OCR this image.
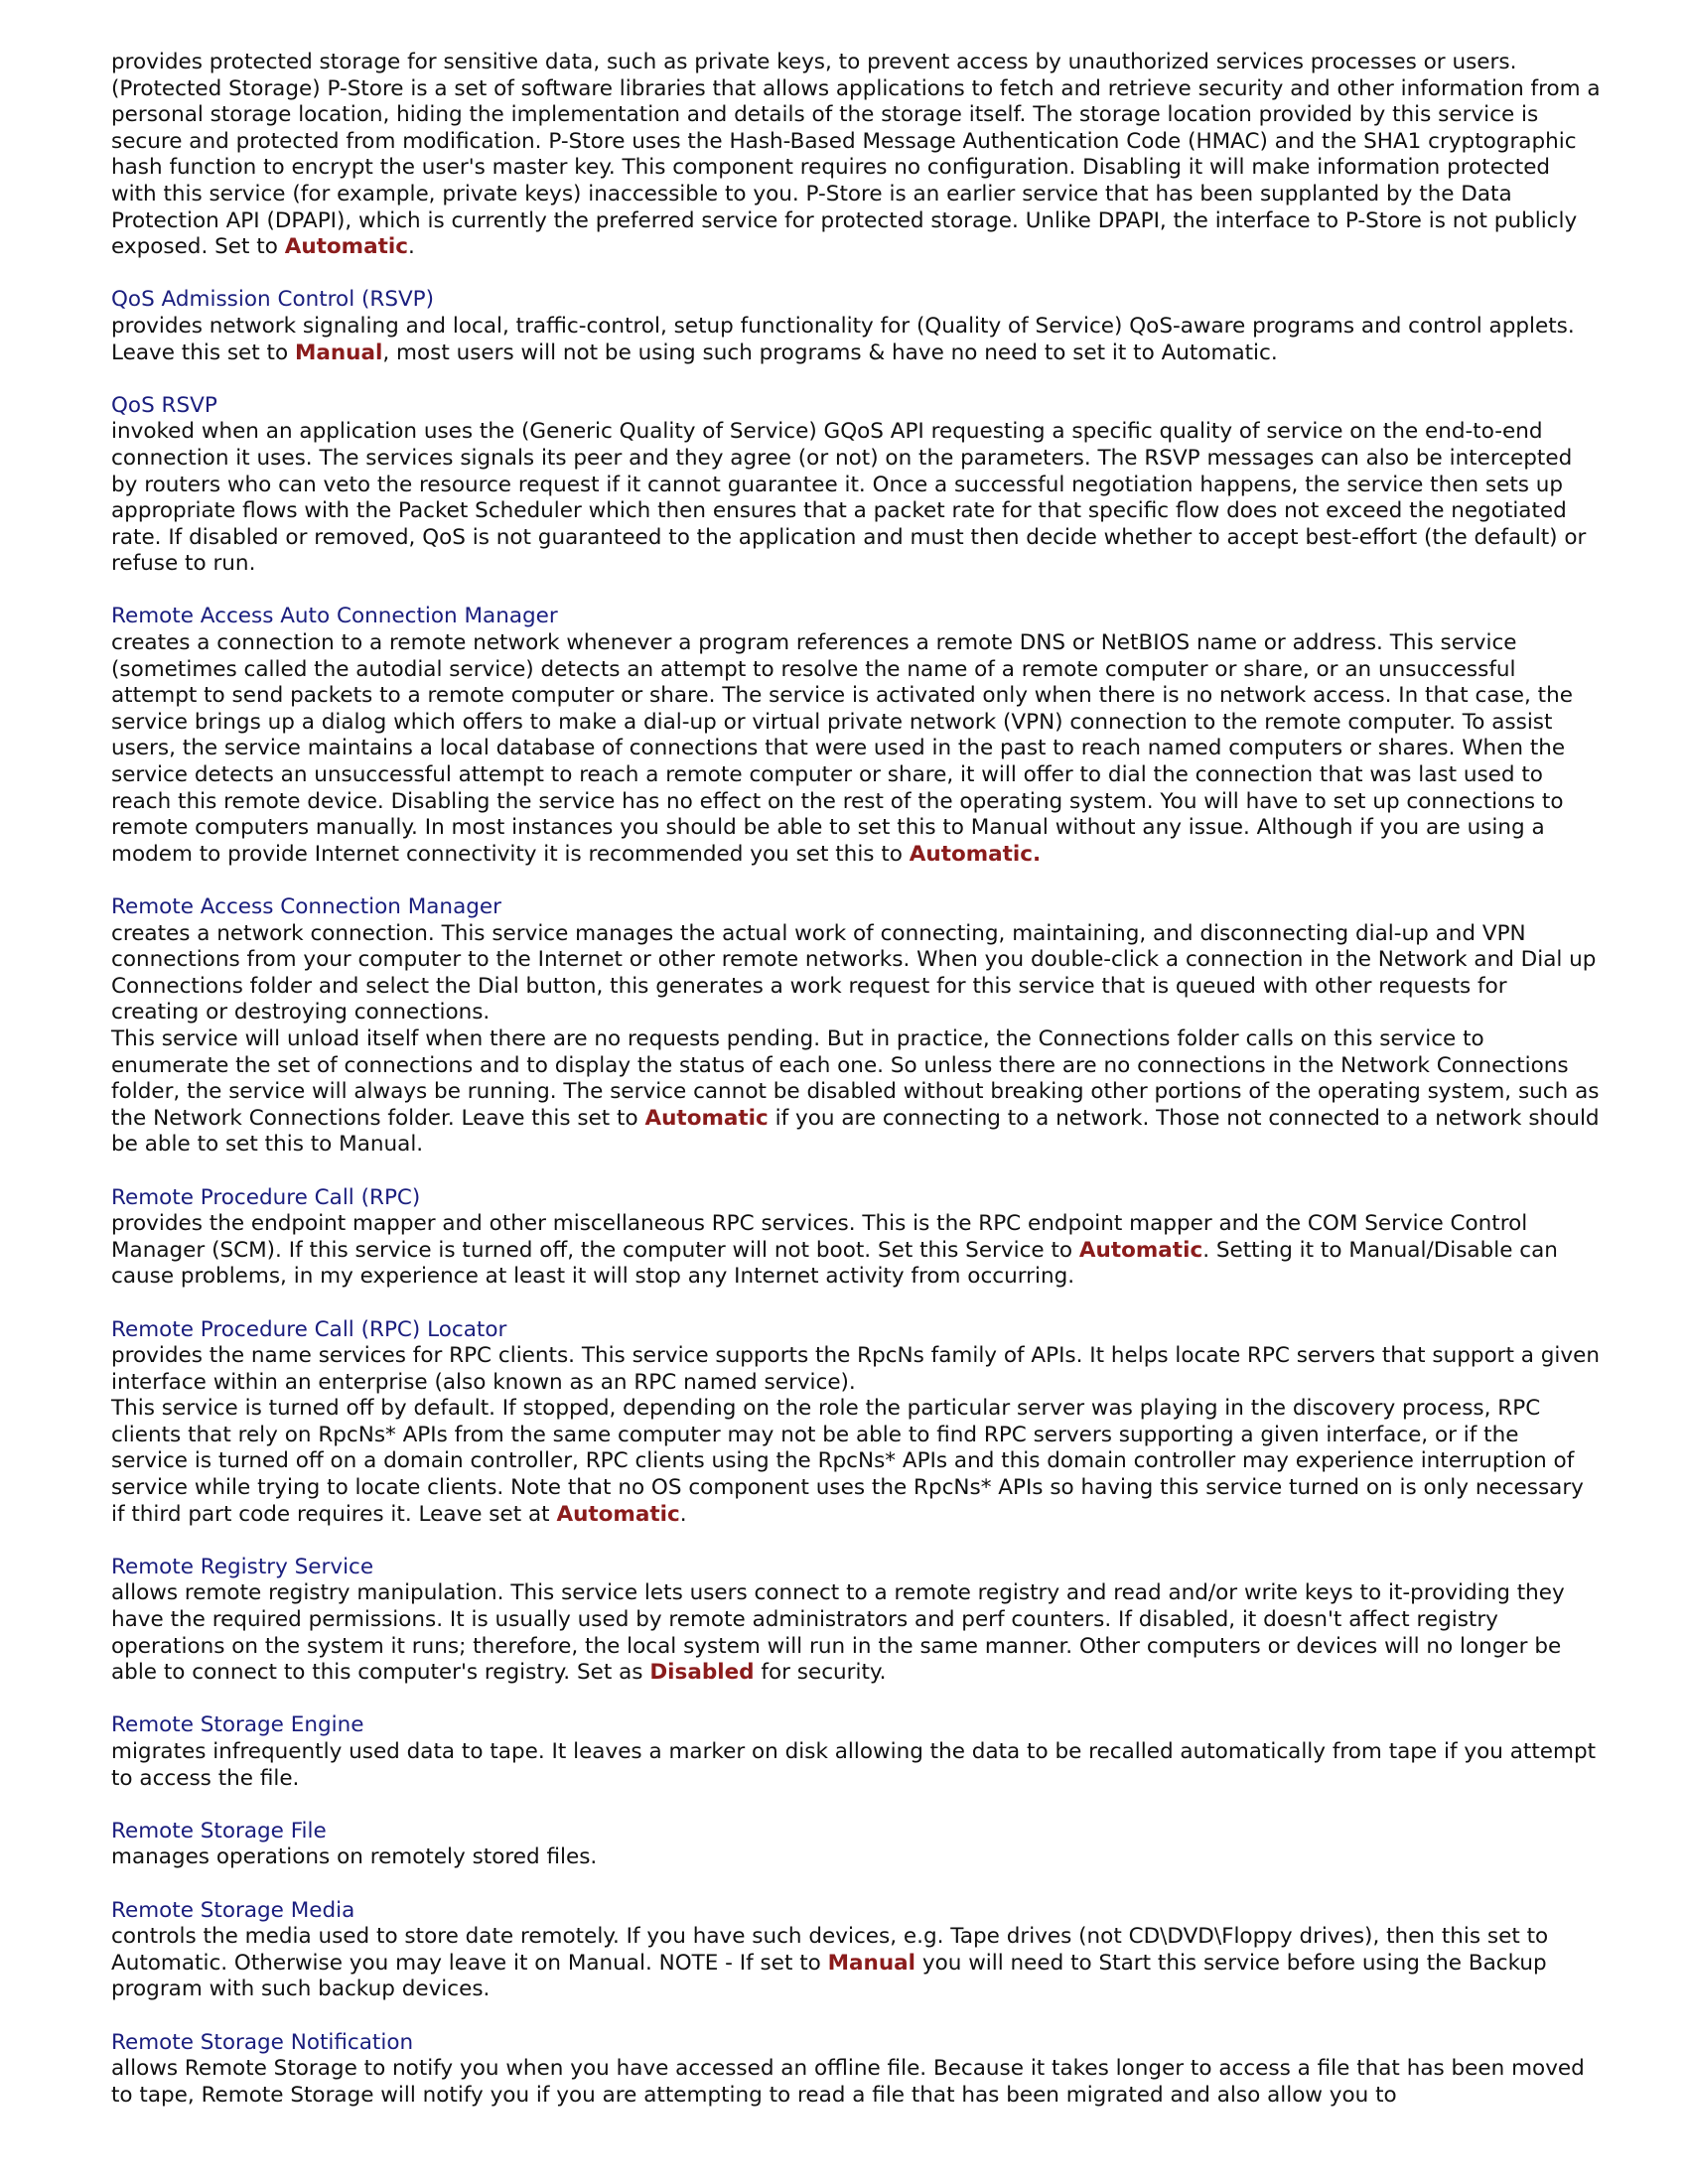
provides protected storage for sensitive data, such as private keys, to prevent access by unauthorized services processes or users. (Protected Storage) P-Store is a set of software libraries that allows applications to fetch and retrieve security and other information from a personal storage location, hiding the implementation and details of the storage itself. The storage location provided by this service is secure and protected from modification. P-Store uses the Hash-Based Message Authentication Code (HMAC) and the SHA1 cryptographic hash function to encrypt the user's master key. This component requires no configuration. Disabling it will make information protected with this service (for example, private keys) inaccessible to you. P-Store is an earlier service that has been supplanted by the Data Protection API (DPAPI), which is currently the preferred service for protected storage. Unlike DPAPI, the interface to P-Store is not publicly exposed. Set to Automatic.

QoS Admission Control (RSVP)

provides network signaling and local, traffic-control, setup functionality for (Quality of Service) QoS-aware programs and control applets. Leave this set to Manual, most users will not be using such programs & have no need to set it to Automatic.

QoS RSVP

invoked when an application uses the (Generic Quality of Service) GQoS API requesting a specific quality of service on the end-to-end connection it uses. The services signals its peer and they agree (or not) on the parameters. The RSVP messages can also be intercepted by routers who can veto the resource request if it cannot guarantee it. Once a successful negotiation happens, the service then sets up appropriate flows with the Packet Scheduler which then ensures that a packet rate for that specific flow does not exceed the negotiated rate. If disabled or removed, QoS is not guaranteed to the application and must then decide whether to accept best-effort (the default) or refuse to run.

Remote Access Auto Connection Manager

creates a connection to a remote network whenever a program references a remote DNS or NetBIOS name or address. This service (sometimes called the autodial service) detects an attempt to resolve the name of a remote computer or share, or an unsuccessful attempt to send packets to a remote computer or share. The service is activated only when there is no network access. In that case, the service brings up a dialog which offers to make a dial-up or virtual private network (VPN) connection to the remote computer. To assist users, the service maintains a local database of connections that were used in the past to reach named computers or shares. When the service detects an unsuccessful attempt to reach a remote computer or share, it will offer to dial the connection that was last used to reach this remote device. Disabling the service has no effect on the rest of the operating system. You will have to set up connections to remote computers manually. In most instances you should be able to set this to Manual without any issue. Although if you are using a modem to provide Internet connectivity it is recommended you set this to Automatic.

Remote Access Connection Manager

creates a network connection. This service manages the actual work of connecting, maintaining, and disconnecting dial-up and VPN connections from your computer to the Internet or other remote networks. When you double-click a connection in the Network and Dial up Connections folder and select the Dial button, this generates a work request for this service that is queued with other requests for creating or destroying connections.

This service will unload itself when there are no requests pending. But in practice, the Connections folder calls on this service to enumerate the set of connections and to display the status of each one. So unless there are no connections in the Network Connections folder, the service will always be running. The service cannot be disabled without breaking other portions of the operating system, such as the Network Connections folder. Leave this set to Automatic if you are connecting to a network. Those not connected to a network should be able to set this to Manual.

Remote Procedure Call (RPC)

provides the endpoint mapper and other miscellaneous RPC services. This is the RPC endpoint mapper and the COM Service Control Manager (SCM). If this service is turned off, the computer will not boot. Set this Service to Automatic. Setting it to Manual/Disable can cause problems, in my experience at least it will stop any Internet activity from occurring.

Remote Procedure Call (RPC) Locator

provides the name services for RPC clients. This service supports the RpcNs family of APIs. It helps locate RPC servers that support a given interface within an enterprise (also known as an RPC named service).

This service is turned off by default. If stopped, depending on the role the particular server was playing in the discovery process, RPC clients that rely on RpcNs* APIs from the same computer may not be able to find RPC servers supporting a given interface, or if the service is turned off on a domain controller, RPC clients using the RpcNs* APIs and this domain controller may experience interruption of service while trying to locate clients. Note that no OS component uses the RpcNs* APIs so having this service turned on is only necessary if third part code requires it. Leave set at Automatic.

Remote Registry Service

allows remote registry manipulation. This service lets users connect to a remote registry and read and/or write keys to it-providing they have the required permissions. It is usually used by remote administrators and perf counters. If disabled, it doesn't affect registry operations on the system it runs; therefore, the local system will run in the same manner. Other computers or devices will no longer be able to connect to this computer's registry. Set as Disabled for security.

Remote Storage Engine

migrates infrequently used data to tape. It leaves a marker on disk allowing the data to be recalled automatically from tape if you attempt to access the file.

Remote Storage File

manages operations on remotely stored files.

Remote Storage Media

controls the media used to store date remotely. If you have such devices, e.g. Tape drives (not CD\DVD\Floppy drives), then this set to Automatic. Otherwise you may leave it on Manual. NOTE - If set to Manual you will need to Start this service before using the Backup program with such backup devices.

Remote Storage Notification

allows Remote Storage to notify you when you have accessed an offline file. Because it takes longer to access a file that has been moved to tape, Remote Storage will notify you if you are attempting to read a file that has been migrated and also allow you to
